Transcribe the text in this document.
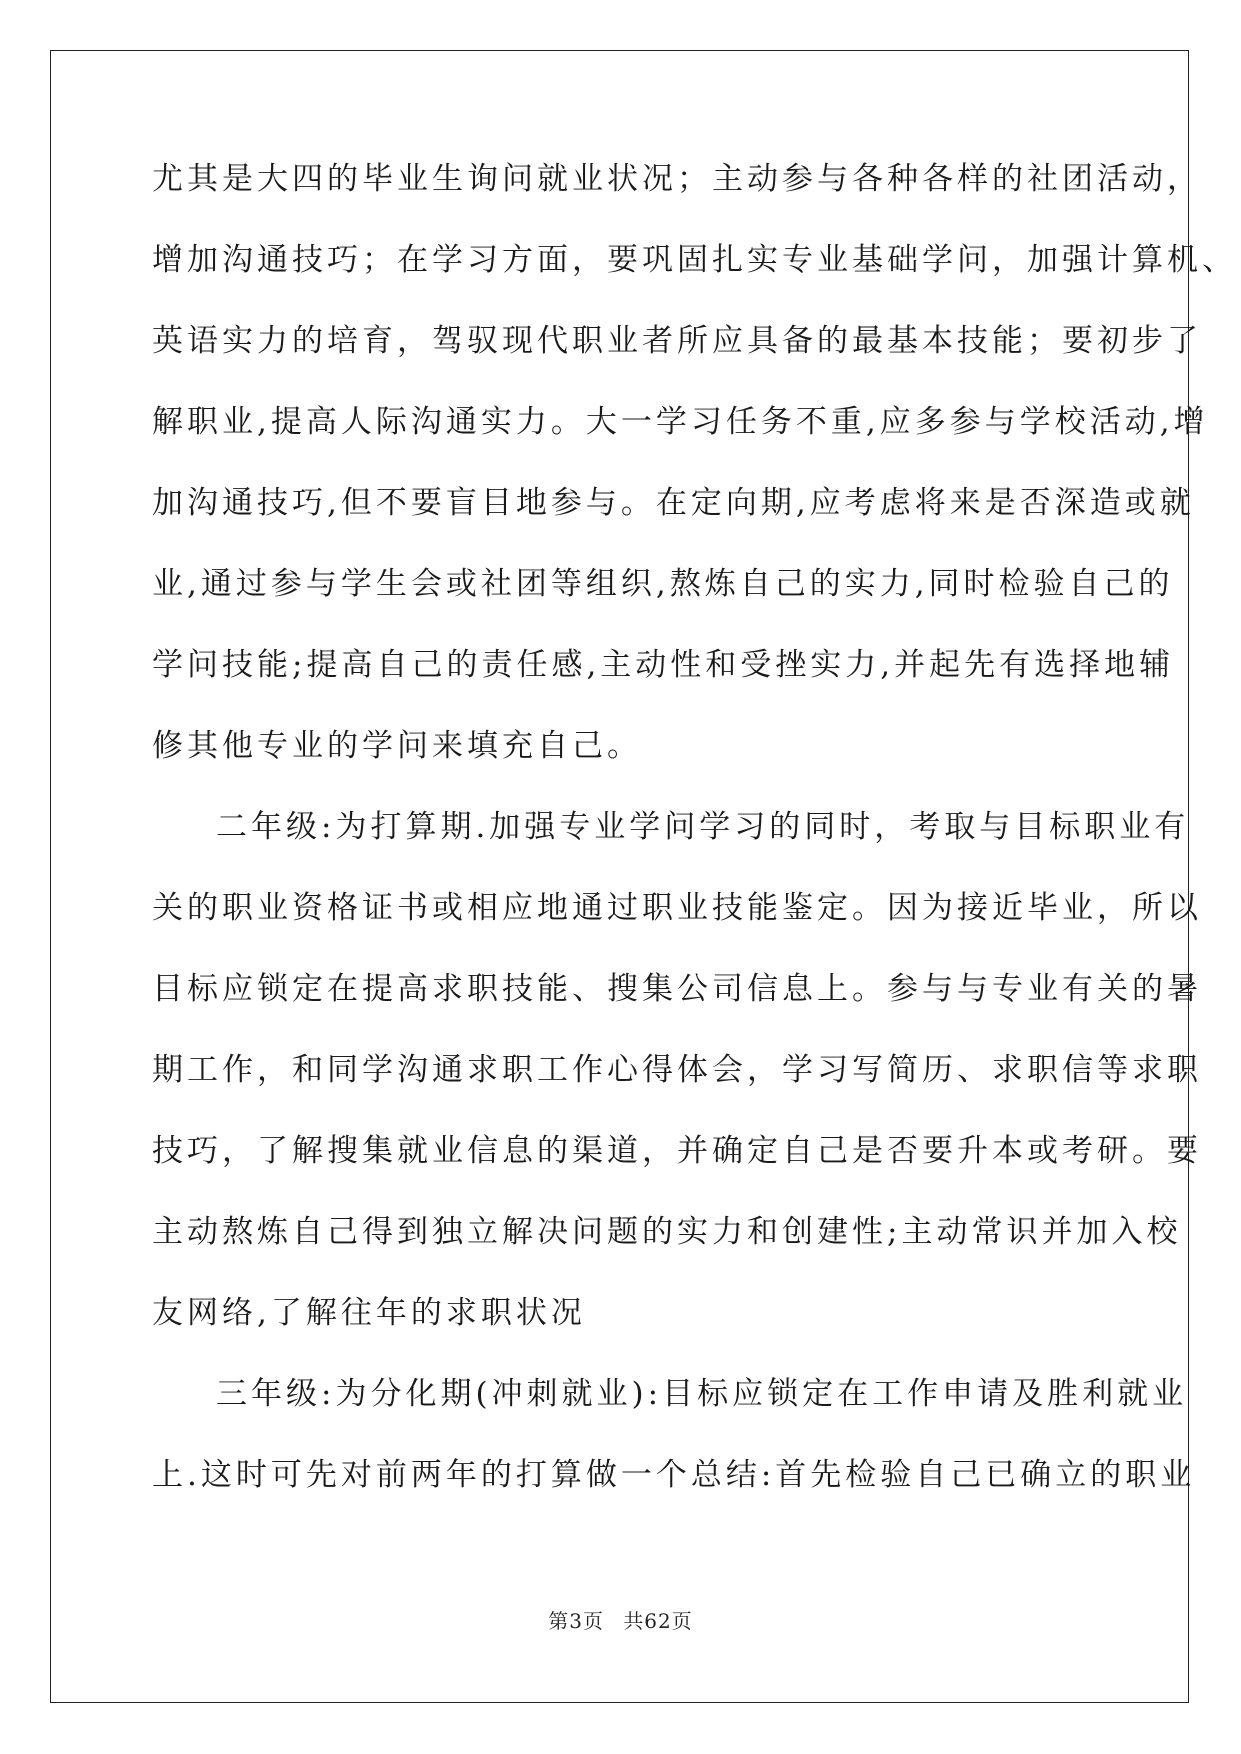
尤其是大四的毕业生询问就业状况；主动参与各种各样的社团活动，
增加沟通技巧；在学习方面，要巩固扎实专业基础学问，加强计算机、
英语实力的培育，驾驭现代职业者所应具备的最基本技能；要初步了
解职业,提高人际沟通实力。大一学习任务不重,应多参与学校活动,增
加沟通技巧,但不要盲目地参与。在定向期,应考虑将来是否深造或就
业,通过参与学生会或社团等组织,熬炼自己的实力,同时检验自己的
学问技能;提高自己的责任感,主动性和受挫实力,并起先有选择地辅
修其他专业的学问来填充自己。
二年级:为打算期.加强专业学问学习的同时，考取与目标职业有
关的职业资格证书或相应地通过职业技能鉴定。因为接近毕业，所以
目标应锁定在提高求职技能、搜集公司信息上。参与与专业有关的暑
期工作，和同学沟通求职工作心得体会，学习写简历、求职信等求职
技巧，了解搜集就业信息的渠道，并确定自己是否要升本或考研。要
主动熬炼自己得到独立解决问题的实力和创建性;主动常识并加入校
友网络,了解往年的求职状况
三年级:为分化期(冲刺就业):目标应锁定在工作申请及胜利就业
上.这时可先对前两年的打算做一个总结:首先检验自己已确立的职业
第3页 共62页
